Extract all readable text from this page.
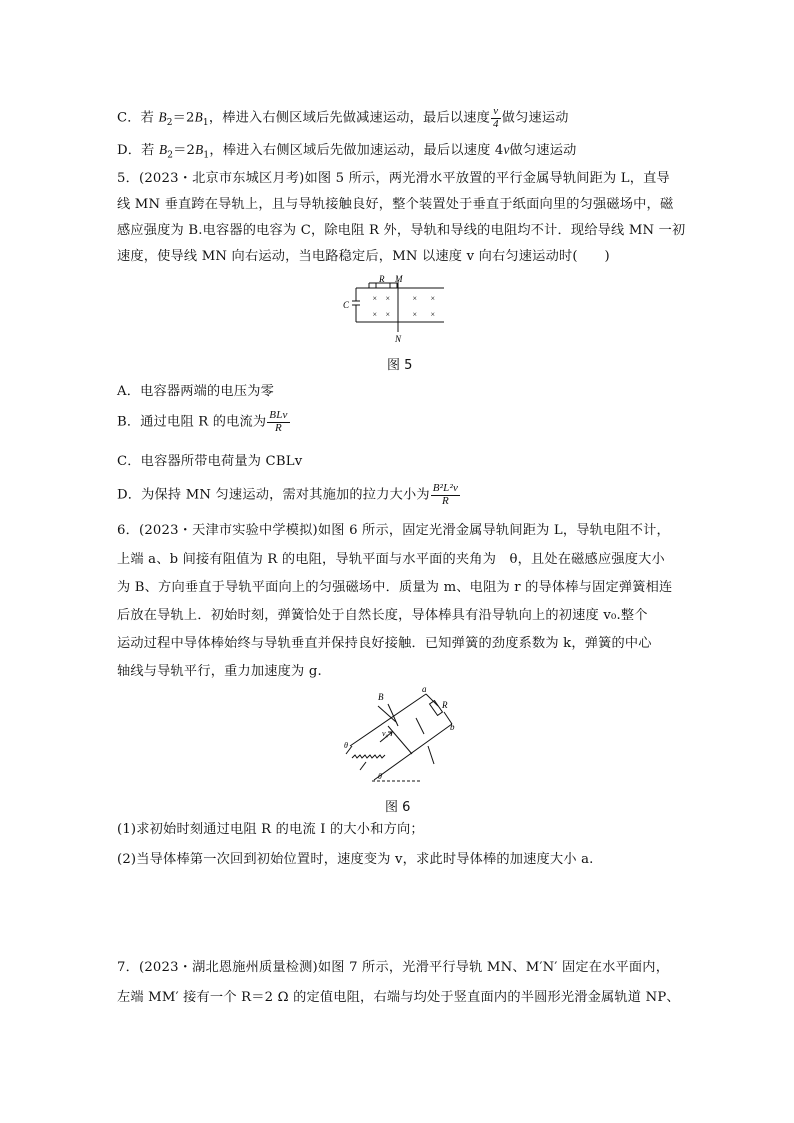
C．若 $B_2=2B_1$，棒进入右侧区域后先做减速运动，最后以速度 $\frac{v}{4}$ 做匀速运动
D．若 $B_2=2B_1$，棒进入右侧区域后先做加速运动，最后以速度 4v做匀速运动
5．(2023・北京市东城区月考)如图 5 所示，两光滑水平放置的平行金属导轨间距为 L，直导
线 MN 垂直跨在导轨上，且与导轨接触良好，整个装置处于垂直于纸面向里的匀强磁场中，磁
感应强度为 B.电容器的电容为 C，除电阻 R 外，导轨和导线的电阻均不计．现给导线 MN 一初
速度，使导线 MN 向右运动，当电路稳定后，MN 以速度 v 向右匀速运动时(　　)
R M
C
N
× ×	× ×
× ×	× ×
图 5
A．电容器两端的电压为零
B．通过电阻 R 的电流为 $\frac{\text{BLv}}{R}$
C．电容器所带电荷量为 CBLv
D．为保持 MN 匀速运动，需对其施加的拉力大小为 $\frac{\text{B²L²v}}{R}$
6．(2023・天津市实验中学模拟)如图 6 所示，固定光滑金属导轨间距为 L，导轨电阻不计，
上端 a、b 间接有阻值为 R 的电阻，导轨平面与水平面的夹角为　θ，且处在磁感应强度大小
为 B、方向垂直于导轨平面向上的匀强磁场中．质量为 m、电阻为 r 的导体棒与固定弹簧相连
后放在导轨上．初始时刻，弹簧恰处于自然长度，导体棒具有沿导轨向上的初速度 v₀.整个
运动过程中导体棒始终与导轨垂直并保持良好接触．已知弹簧的劲度系数为 k，弹簧的中心
轴线与导轨平行，重力加速度为 g.
B
a
R
b
v₀
θ
θ
图 6
(1)求初始时刻通过电阻 R 的电流 I 的大小和方向；
(2)当导体棒第一次回到初始位置时，速度变为 v，求此时导体棒的加速度大小 a.
7．(2023・湖北恩施州质量检测)如图 7 所示，光滑平行导轨 MN、M′N′ 固定在水平面内，
左端 MM′ 接有一个 R＝2 Ω 的定值电阻，右端与均处于竖直面内的半圆形光滑金属轨道 NP、
